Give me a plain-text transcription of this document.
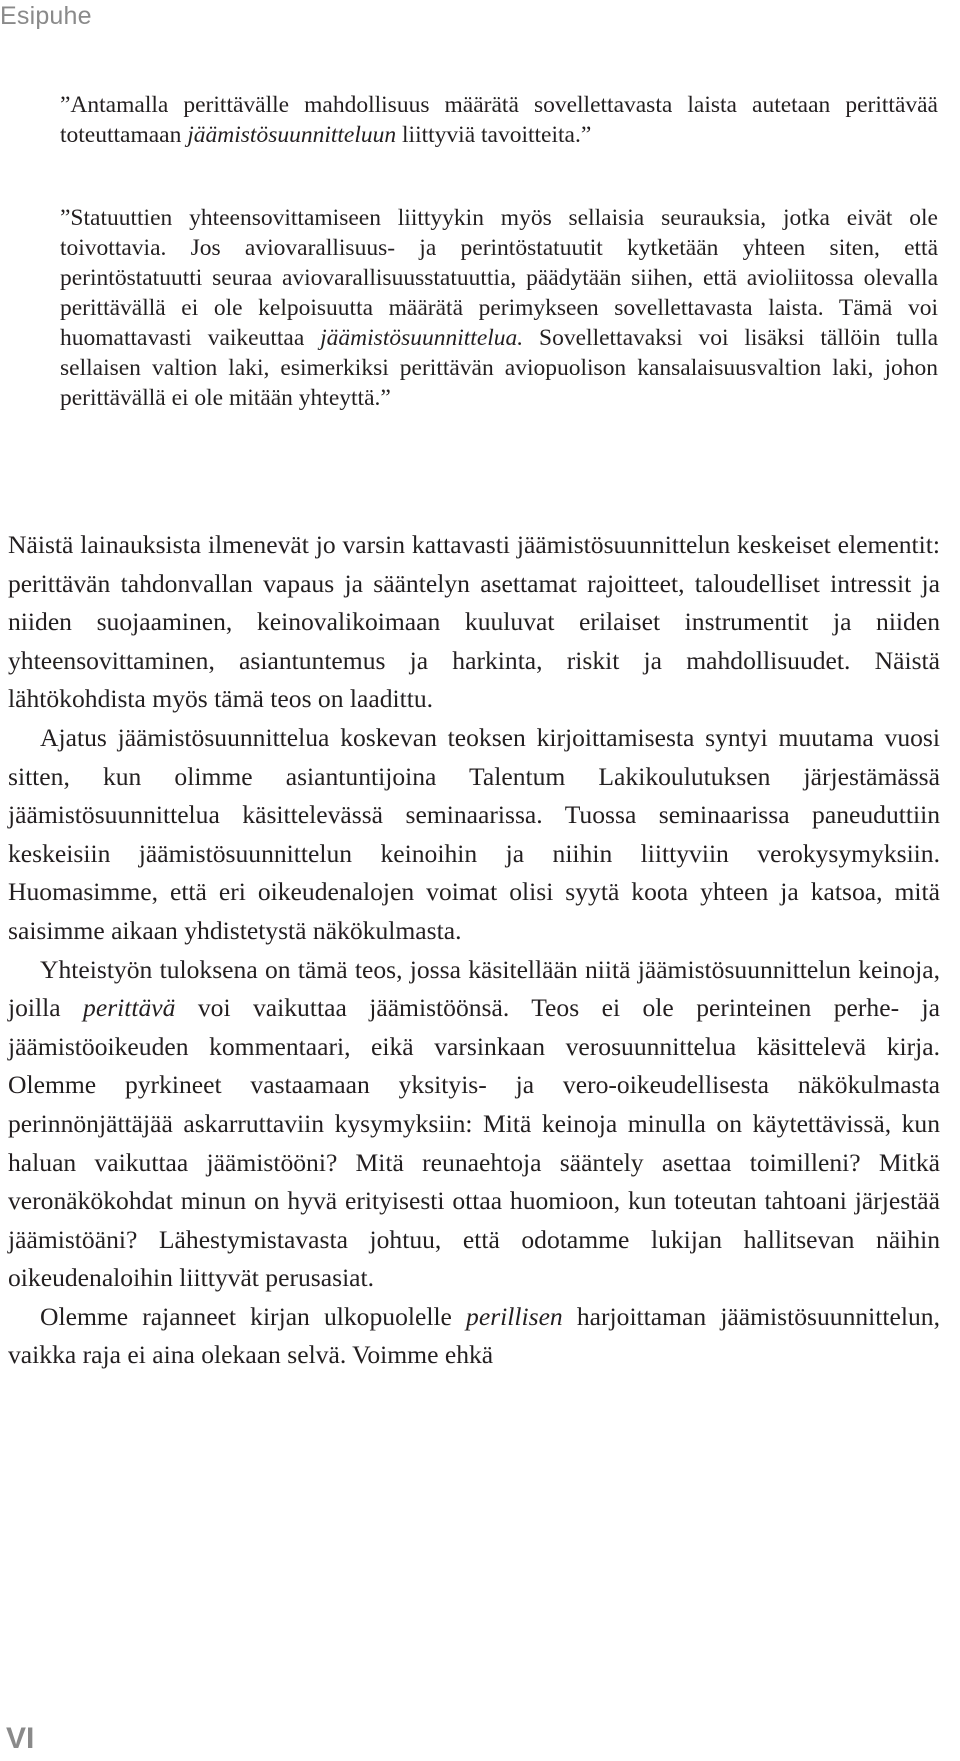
Esipuhe
”Antamalla perittävälle mahdollisuus määrätä sovellettavasta laista autetaan perittävää toteuttamaan jäämistösuunnitteluun liittyviä tavoitteita.”
”Statuuttien yhteensovittamiseen liittyykin myös sellaisia seurauksia, jotka eivät ole toivottavia. Jos aviovarallisuus- ja perintöstatuutit kytketään yhteen siten, että perintöstatuutti seuraa aviovarallisuusstatuuttia, päädytään siihen, että avioliitossa olevalla perittävällä ei ole kelpoisuutta määrätä perimykseen sovellettavasta laista. Tämä voi huomattavasti vaikeuttaa jäämistösuunnittelua. Sovellettavaksi voi lisäksi tällöin tulla sellaisen valtion laki, esimerkiksi perittävän aviopuolison kansalaisuusvaltion laki, johon perittävällä ei ole mitään yhteyttä.”

Näistä lainauksista ilmenevät jo varsin kattavasti jäämistösuunnittelun keskeiset elementit: perittävän tahdonvallan vapaus ja sääntelyn asettamat rajoitteet, taloudelliset intressit ja niiden suojaaminen, keinovalikoimaan kuuluvat erilaiset instrumentit ja niiden yhteensovittaminen, asiantuntemus ja harkinta, riskit ja mahdollisuudet. Näistä lähtökohdista myös tämä teos on laadittu.

Ajatus jäämistösuunnittelua koskevan teoksen kirjoittamisesta syntyi muutama vuosi sitten, kun olimme asiantuntijoina Talentum Lakikoulutuksen järjestämässä jäämistösuunnittelua käsittelevässä seminaarissa. Tuossa seminaarissa paneuduttiin keskeisiin jäämistösuunnittelun keinoihin ja niihin liittyviin verokysymyksiin. Huomasimme, että eri oikeudenalojen voimat olisi syytä koota yhteen ja katsoa, mitä saisimme aikaan yhdistetystä näkökulmasta.

Yhteistyön tuloksena on tämä teos, jossa käsitellään niitä jäämistösuunnittelun keinoja, joilla perittävä voi vaikuttaa jäämistöönsä. Teos ei ole perinteinen perhe- ja jäämistöoikeuden kommentaari, eikä varsinkaan verosuunnittelua käsittelevä kirja. Olemme pyrkineet vastaamaan yksityis- ja vero-oikeudellisesta näkökulmasta perinnönjättäjää askarruttaviin kysymyksiin: Mitä keinoja minulla on käytettävissä, kun haluan vaikuttaa jäämistööni? Mitä reunaehtoja sääntely asettaa toimilleni? Mitkä veronäkökohdat minun on hyvä erityisesti ottaa huomioon, kun toteutan tahtoani järjestää jäämistöäni? Lähestymistavasta johtuu, että odotamme lukijan hallitsevan näihin oikeudenaloihin liittyvät perusasiat.

Olemme rajanneet kirjan ulkopuolelle perillisen harjoittaman jäämistösuunnittelun, vaikka raja ei aina olekaan selvä. Voimme ehkä

VI
